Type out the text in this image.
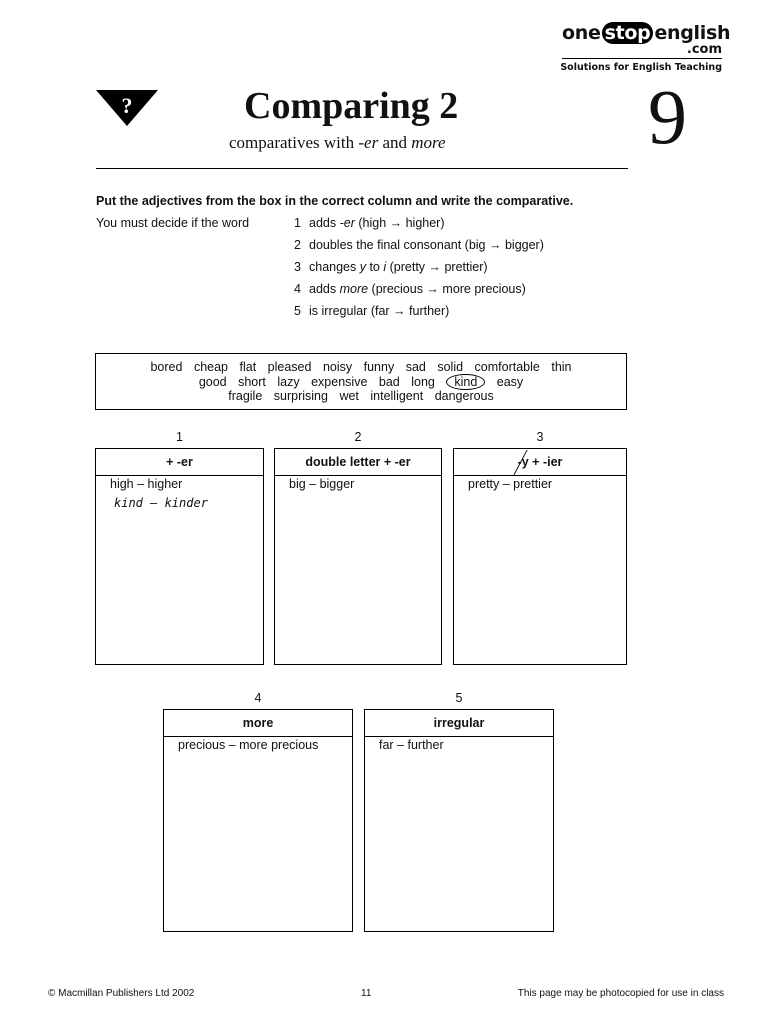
one stop english
.com
Solutions for English Teaching
?	Comparing 2
comparatives with -er and more	9
Put the adjectives from the box in the correct column and write the comparative.
You must decide if the word	1 adds -er (high → higher)
2 doubles the final consonant (big → bigger)
3 changes y to i (pretty → prettier)
4 adds more (precious → more precious)
5 is irregular (far → further)
bored cheap flat pleased noisy funny sad solid comfortable thin
good short lazy expensive bad long kind easy
fragile surprising wet intelligent dangerous
1
+ -er
high – higher
kind – kinder
2
double letter + -er
big – bigger
3
-y + -ier
pretty – prettier
4
more
precious – more precious
5
irregular
far – further
© Macmillan Publishers Ltd 2002	11	This page may be photocopied for use in class
